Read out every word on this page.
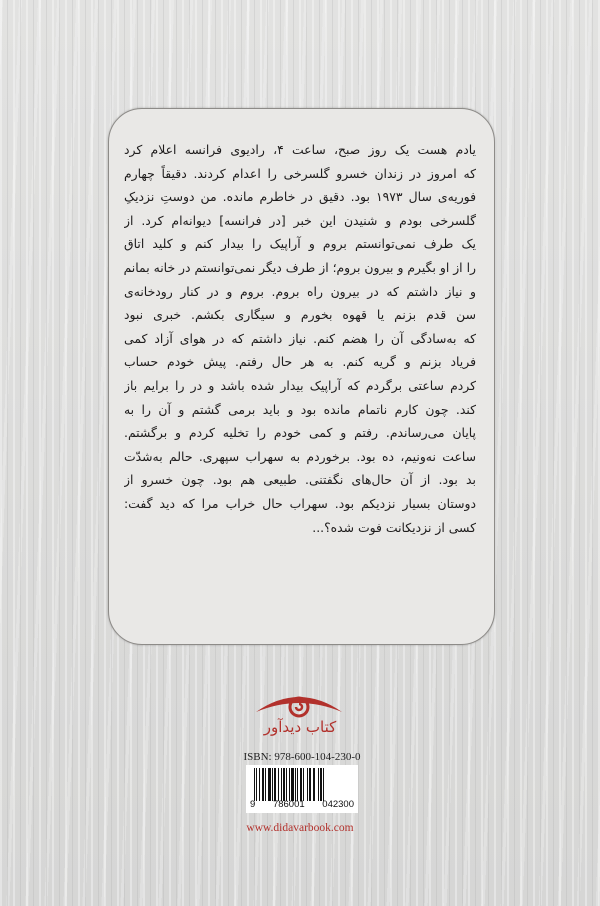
یادم هست یک روز صبح، ساعت ۴، رادیوی فرانسه اعلام کرد
که امروز در زندان خسرو گلسرخی را اعدام کردند. دقیقاً چهارم
فوریه‌ی سال ۱۹۷۳ بود. دقیق در خاطرم مانده. من دوستِ نزدیکِ
گلسرخی بودم و شنیدن این خبر [در فرانسه] دیوانه‌ام کرد. از
یک طرف نمی‌توانستم بروم و آراپیک را بیدار کنم و کلید اتاق
را از او بگیرم و بیرون بروم؛ از طرف دیگر نمی‌توانستم در خانه بمانم
و نیاز داشتم که در بیرون راه بروم. بروم و در کنار رودخانه‌ی
سن قدم بزنم یا قهوه بخورم و سیگاری بکشم. خبری نبود
که به‌سادگی آن را هضم کنم. نیاز داشتم که در هوای آزاد کمی
فریاد بزنم و گریه کنم. به هر حال رفتم. پیش خودم حساب
کردم ساعتی برگردم که آراپیک بیدار شده باشد و در را برایم باز
کند. چون کارم ناتمام مانده بود و باید برمی گشتم و آن را به
پایان می‌رساندم. رفتم و کمی خودم را تخلیه کردم و برگشتم.
ساعت نه‌ونیم، ده بود. برخوردم به سهراب سپهری. حالم به‌شدّت
بد بود. از آن حال‌های نگفتنی. طبیعی هم بود. چون خسرو از
دوستان بسیار نزدیکم بود. سهراب حال خراب مرا که دید گفت:
کسی از نزدیکانت فوت شده؟...
کتاب دیدآور
ISBN: 978-600-104-230-0
9 786001 042300
www.didavarbook.com
